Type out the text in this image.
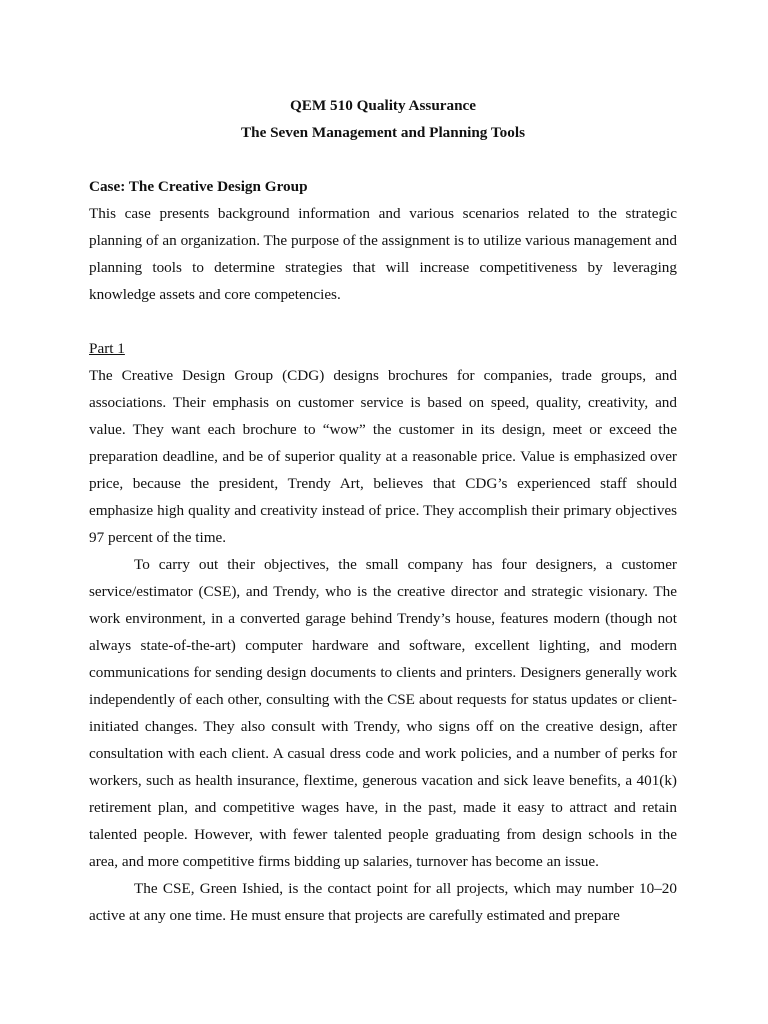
QEM 510 Quality Assurance

The Seven Management and Planning Tools

Case: The Creative Design Group

This case presents background information and various scenarios related to the strategic planning of an organization. The purpose of the assignment is to utilize various management and planning tools to determine strategies that will increase competitiveness by leveraging knowledge assets and core competencies.

Part 1

The Creative Design Group (CDG) designs brochures for companies, trade groups, and associations. Their emphasis on customer service is based on speed, quality, creativity, and value. They want each brochure to “wow” the customer in its design, meet or exceed the preparation deadline, and be of superior quality at a reasonable price. Value is emphasized over price, because the president, Trendy Art, believes that CDG’s experienced staff should emphasize high quality and creativity instead of price. They accomplish their primary objectives 97 percent of the time.

To carry out their objectives, the small company has four designers, a customer service/estimator (CSE), and Trendy, who is the creative director and strategic visionary. The work environment, in a converted garage behind Trendy’s house, features modern (though not always state-of-the-art) computer hardware and software, excellent lighting, and modern communications for sending design documents to clients and printers. Designers generally work independently of each other, consulting with the CSE about requests for status updates or client-initiated changes. They also consult with Trendy, who signs off on the creative design, after consultation with each client. A casual dress code and work policies, and a number of perks for workers, such as health insurance, flextime, generous vacation and sick leave benefits, a 401(k) retirement plan, and competitive wages have, in the past, made it easy to attract and retain talented people. However, with fewer talented people graduating from design schools in the area, and more competitive firms bidding up salaries, turnover has become an issue.

The CSE, Green Ishied, is the contact point for all projects, which may number 10–20 active at any one time. He must ensure that projects are carefully estimated and prepare
